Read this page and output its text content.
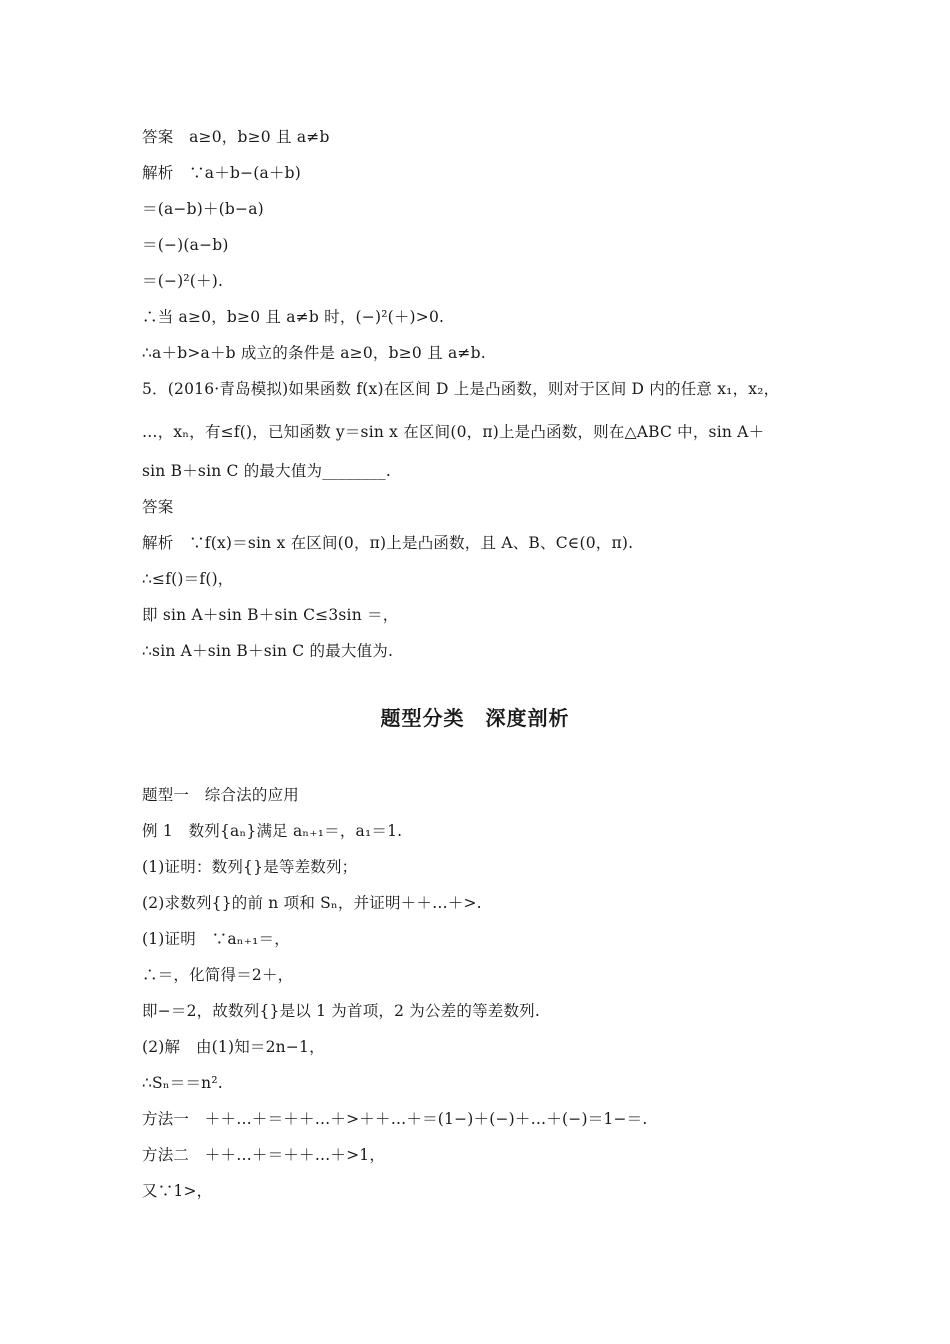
答案　a≥0，b≥0 且 a≠b
解析　∵a＋b−(a＋b)
＝(a−b)＋(b−a)
＝(−)(a−b)
＝(−)²(＋).
∴当 a≥0，b≥0 且 a≠b 时，(−)²(＋)>0.
∴a＋b>a＋b 成立的条件是 a≥0，b≥0 且 a≠b.
5．(2016·青岛模拟)如果函数 f(x)在区间 D 上是凸函数，则对于区间 D 内的任意 x₁，x₂，
…，xₙ，有≤f()，已知函数 y＝sin x 在区间(0，π)上是凸函数，则在△ABC 中，sin A＋
sin B＋sin C 的最大值为________.
答案
解析　∵f(x)＝sin x 在区间(0，π)上是凸函数，且 A、B、C∈(0，π).
∴≤f()＝f()，
即 sin A＋sin B＋sin C≤3sin ＝，
∴sin A＋sin B＋sin C 的最大值为.
题型分类　深度剖析
题型一　综合法的应用
例 1　数列{aₙ}满足 aₙ₊₁＝，a₁＝1.
(1)证明：数列{}是等差数列；
(2)求数列{}的前 n 项和 Sₙ，并证明＋＋…＋>.
(1)证明　∵aₙ₊₁＝，
∴＝，化简得＝2＋，
即−＝2，故数列{}是以 1 为首项，2 为公差的等差数列.
(2)解　由(1)知＝2n−1，
∴Sₙ＝＝n².
方法一　＋＋…＋＝＋＋…＋>＋＋…＋＝(1−)＋(−)＋…＋(−)＝1−＝.
方法二　＋＋…＋＝＋＋…＋>1，
又∵1>，
